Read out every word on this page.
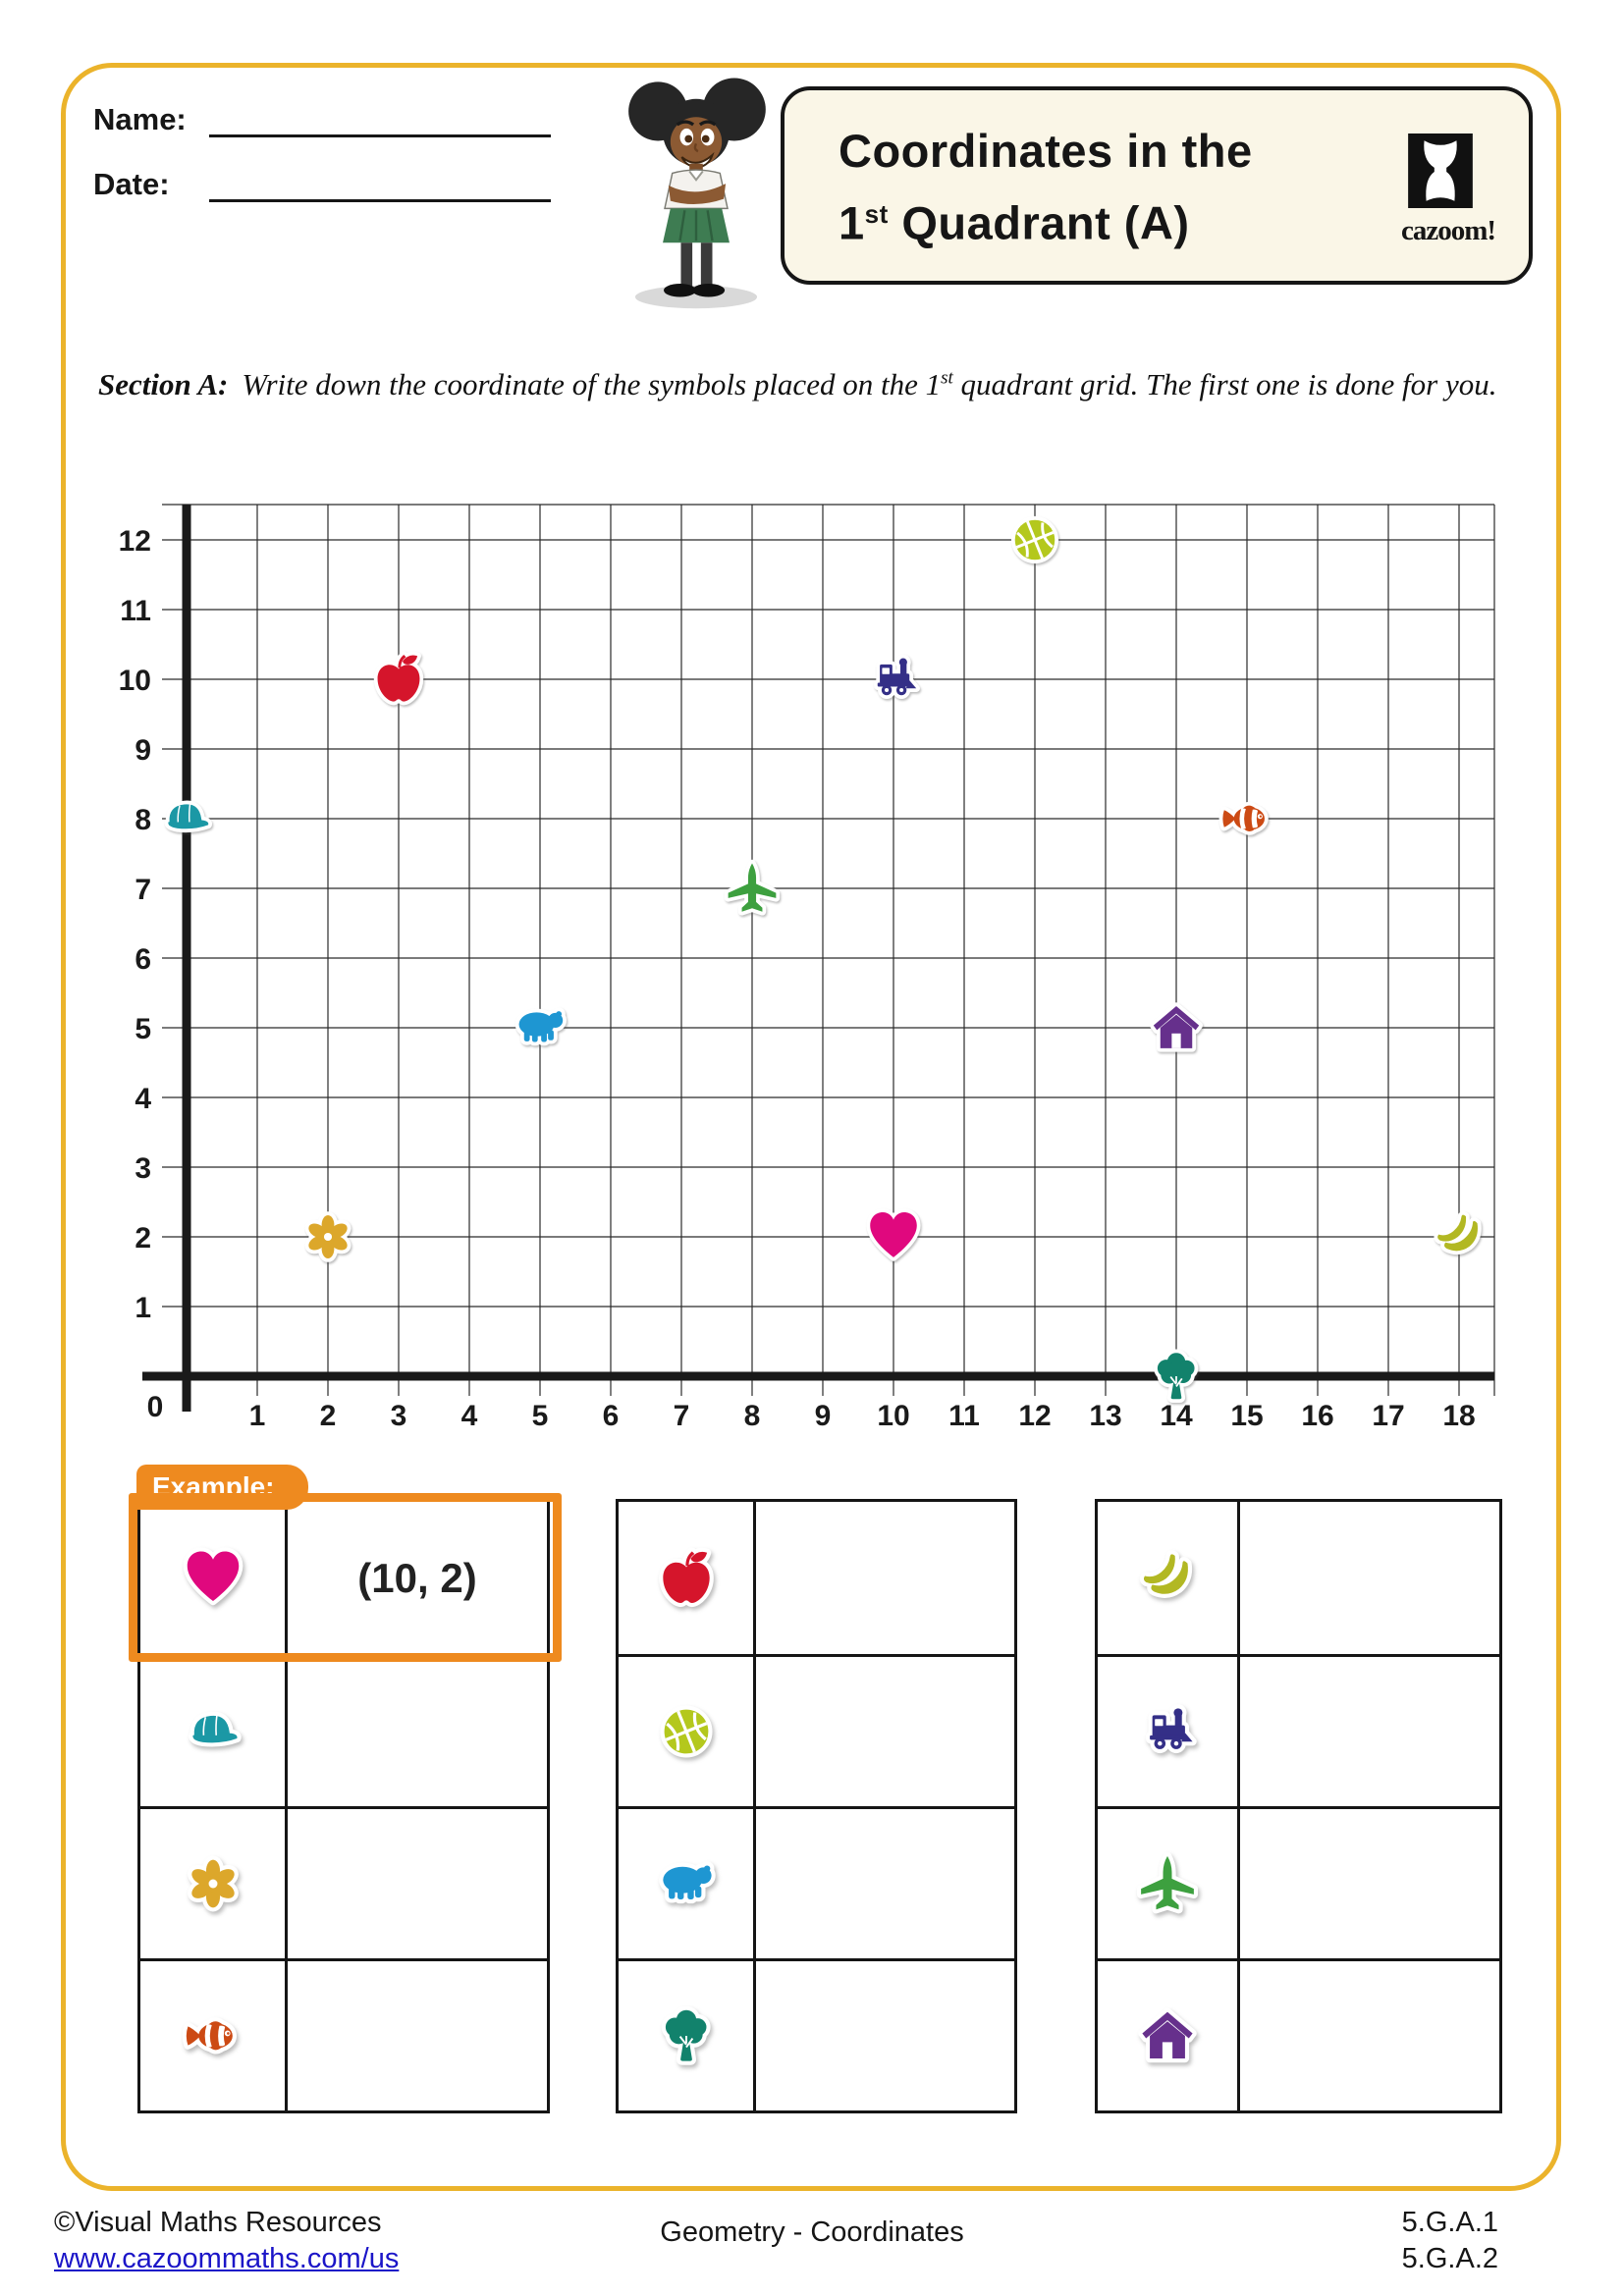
Name:
Date:
Coordinates in the
1st Quadrant (A)	cazoom!
Section A: Write down the coordinate of the symbols placed on the 1st quadrant grid. The first one is done for you.
0	1 2 3 4 5 6 7 8 9 10 11 12 13 14 15 16 17 18
1
2
3
4
5
6
7
8
9
10
11
12
(10, 2)
Example:
©Visual Maths Resources
www.cazoommaths.com/us
Geometry - Coordinates	5.G.A.1
5.G.A.2
